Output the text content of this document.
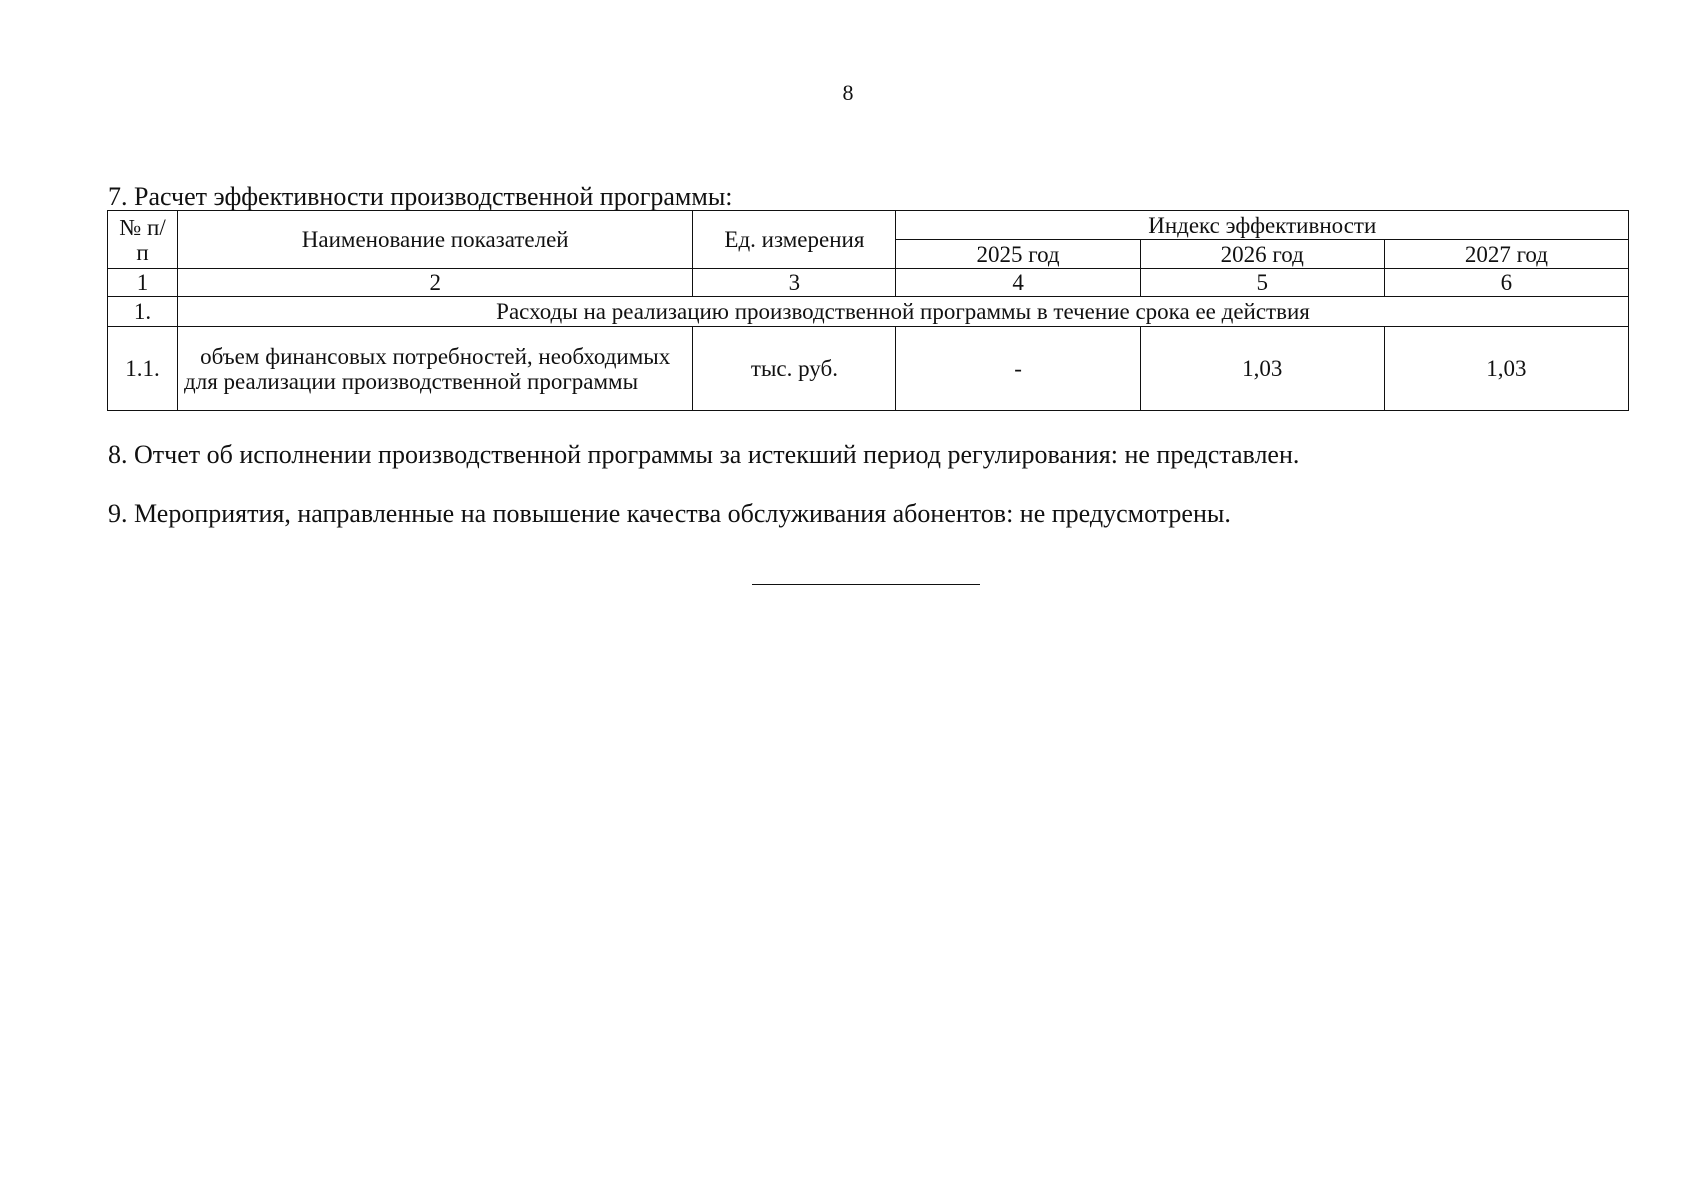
8
7. Расчет эффективности производственной программы:
№ п/п	Наименование показателей	Ед. измерения	Индекс эффективности		
			2025 год	2026 год	2027 год
1	2	3	4	5	6
1.	Расходы на реализацию производственной программы в течение срока ее действия				
1.1.	объем финансовых потребностей, необходимых для реализации производственной программы	тыс. руб.	-	1,03	1,03
8. Отчет об исполнении производственной программы за истекший период регулирования: не представлен.
9. Мероприятия, направленные на повышение качества обслуживания абонентов: не предусмотрены.
